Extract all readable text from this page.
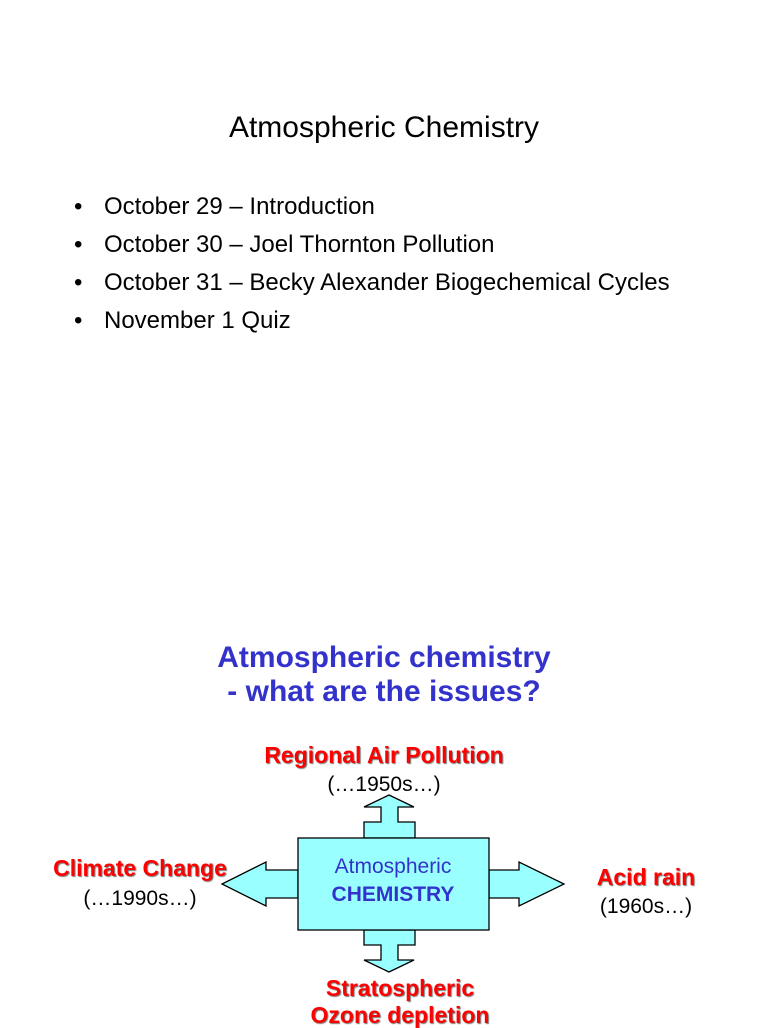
Atmospheric Chemistry
• October 29 – Introduction
• October 30 – Joel Thornton Pollution
• October 31 – Becky Alexander Biogechemical Cycles
• November 1 Quiz
Atmospheric chemistry
- what are the issues?
Atmospheric
CHEMISTRY
Regional Air Pollution
(…1950s…)
Climate Change
(…1990s…)
Acid rain
(1960s…)
Stratospheric
Ozone depletion
